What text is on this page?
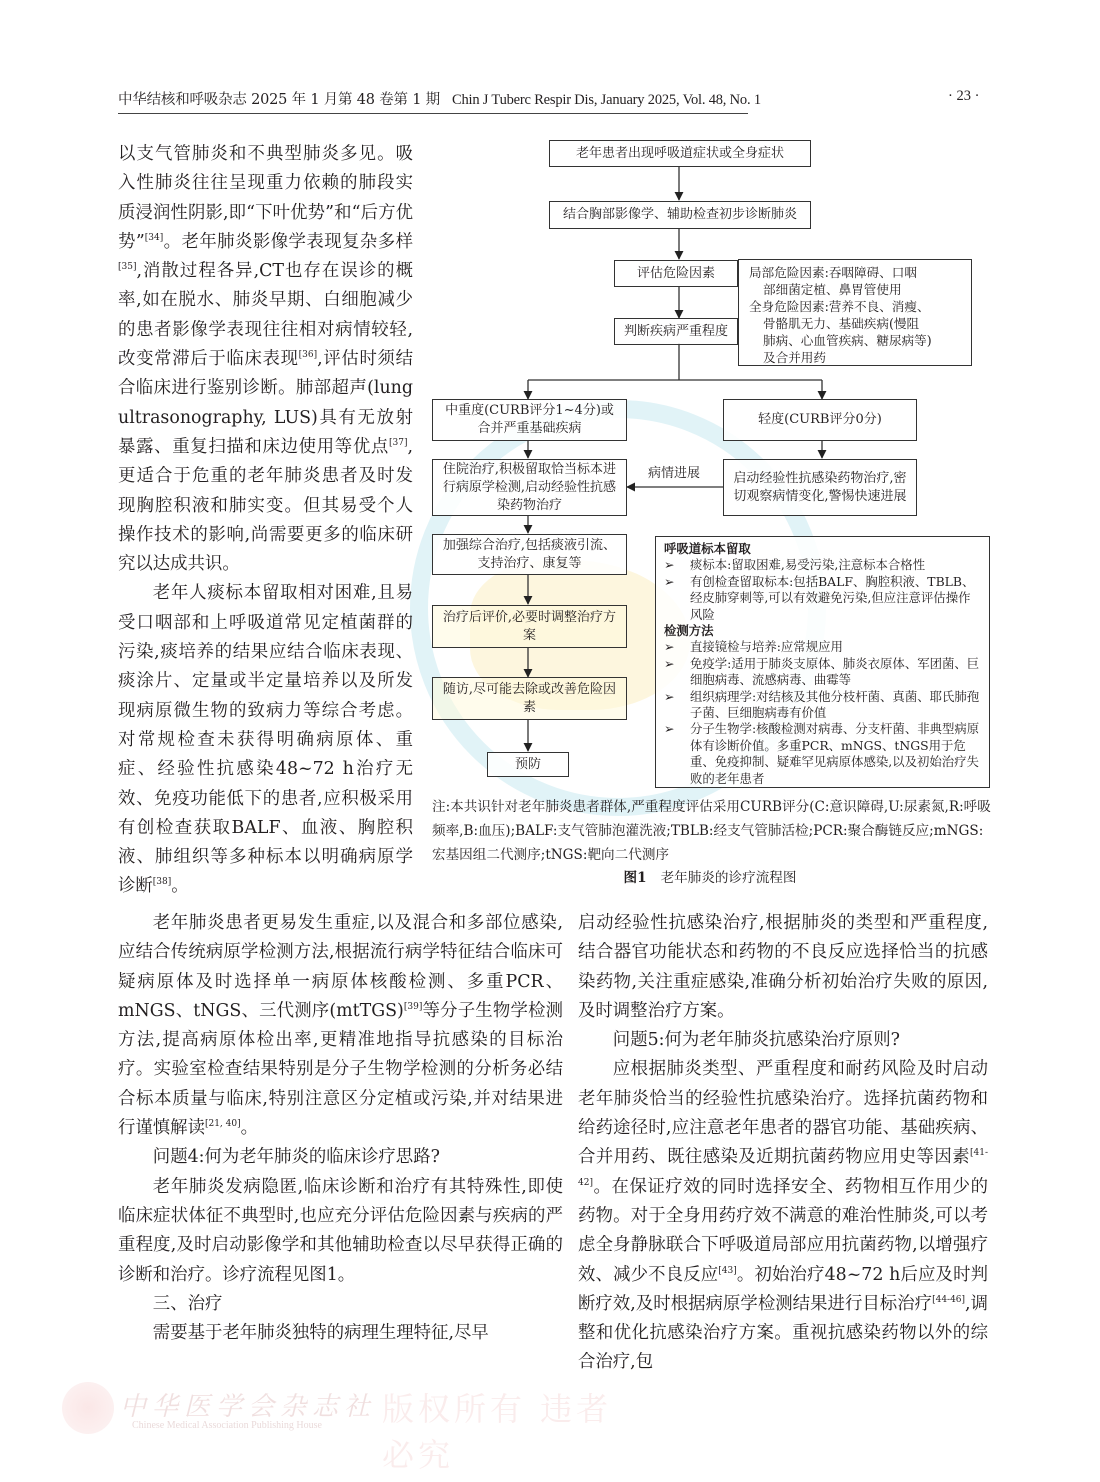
中华结核和呼吸杂志 2025 年 1 月第 48 卷第 1 期 Chin J Tuberc Respir Dis, January 2025, Vol. 48, No. 1	· 23 ·

以支气管肺炎和不典型肺炎多见。吸入性肺炎往往呈现重力依赖的肺段实质浸润性阴影,即“下叶优势”和“后方优势”[34]。老年肺炎影像学表现复杂多样[35],消散过程各异,CT也存在误诊的概率,如在脱水、肺炎早期、白细胞减少的患者影像学表现往往相对病情较轻,改变常滞后于临床表现[36],评估时须结合临床进行鉴别诊断。肺部超声(lung ultrasonography, LUS)具有无放射暴露、重复扫描和床边使用等优点[37],更适合于危重的老年肺炎患者及时发现胸腔积液和肺实变。但其易受个人操作技术的影响,尚需要更多的临床研究以达成共识。

老年人痰标本留取相对困难,且易受口咽部和上呼吸道常见定植菌群的污染,痰培养的结果应结合临床表现、痰涂片、定量或半定量培养以及所发现病原微生物的致病力等综合考虑。对常规检查未获得明确病原体、重症、经验性抗感染48~72 h治疗无效、免疫功能低下的患者,应积极采用有创检查获取BALF、血液、胸腔积液、肺组织等多种标本以明确病原学诊断[38]。

老年患者出现呼吸道症状或全身症状
结合胸部影像学、辅助检查初步诊断肺炎
评估危险因素
判断疾病严重程度
局部危险因素:吞咽障碍、口咽
部细菌定植、鼻胃管使用
全身危险因素:营养不良、消瘦、
骨骼肌无力、基础疾病(慢阻
肺病、心血管疾病、糖尿病等)
及合并用药
中重度(CURB评分1~4分)或合并严重基础疾病
轻度(CURB评分0分)
住院治疗,积极留取恰当标本进行病原学检测,启动经验性抗感染药物治疗
病情进展	启动经验性抗感染药物治疗,密切观察病情变化,警惕快速进展
加强综合治疗,包括痰液引流、支持治疗、康复等
治疗后评价,必要时调整治疗方案
随访,尽可能去除或改善危险因素
预防
呼吸道标本留取
➢	痰标本:留取困难,易受污染,注意标本合格性
➢	有创检查留取标本:包括BALF、胸腔积液、TBLB、经皮肺穿刺等,可以有效避免污染,但应注意评估操作风险
检测方法
➢	直接镜检与培养:应常规应用
➢	免疫学:适用于肺炎支原体、肺炎衣原体、军团菌、巨细胞病毒、流感病毒、曲霉等
➢	组织病理学:对结核及其他分枝杆菌、真菌、耶氏肺孢子菌、巨细胞病毒有价值
➢	分子生物学:核酸检测对病毒、分支杆菌、非典型病原体有诊断价值。多重PCR、mNGS、tNGS用于危重、免疫抑制、疑难罕见病原体感染,以及初始治疗失败的老年患者
注:本共识针对老年肺炎患者群体,严重程度评估采用CURB评分(C:意识障碍,U:尿素氮,R:呼吸频率,B:血压);BALF:支气管肺泡灌洗液;TBLB:经支气管肺活检;PCR:聚合酶链反应;mNGS:宏基因组二代测序;tNGS:靶向二代测序
图1 老年肺炎的诊疗流程图

老年肺炎患者更易发生重症,以及混合和多部位感染,应结合传统病原学检测方法,根据流行病学特征结合临床可疑病原体及时选择单一病原体核酸检测、多重PCR、mNGS、tNGS、三代测序(mtTGS)[39]等分子生物学检测方法,提高病原体检出率,更精准地指导抗感染的目标治疗。实验室检查结果特别是分子生物学检测的分析务必结合标本质量与临床,特别注意区分定植或污染,并对结果进行谨慎解读[21, 40]。

问题4:何为老年肺炎的临床诊疗思路?

老年肺炎发病隐匿,临床诊断和治疗有其特殊性,即使临床症状体征不典型时,也应充分评估危险因素与疾病的严重程度,及时启动影像学和其他辅助检查以尽早获得正确的诊断和治疗。诊疗流程见图1。

三、治疗

需要基于老年肺炎独特的病理生理特征,尽早

启动经验性抗感染治疗,根据肺炎的类型和严重程度,结合器官功能状态和药物的不良反应选择恰当的抗感染药物,关注重症感染,准确分析初始治疗失败的原因,及时调整治疗方案。

问题5:何为老年肺炎抗感染治疗原则?

应根据肺炎类型、严重程度和耐药风险及时启动老年肺炎恰当的经验性抗感染治疗。选择抗菌药物和给药途径时,应注意老年患者的器官功能、基础疾病、合并用药、既往感染及近期抗菌药物应用史等因素[41-42]。在保证疗效的同时选择安全、药物相互作用少的药物。对于全身用药疗效不满意的难治性肺炎,可以考虑全身静脉联合下呼吸道局部应用抗菌药物,以增强疗效、减少不良反应[43]。初始治疗48~72 h后应及时判断疗效,及时根据病原学检测结果进行目标治疗[44-46],调整和优化抗感染治疗方案。重视抗感染药物以外的综合治疗,包

中华医学会杂志社
Chinese Medical Association Publishing House 版权所有 违者必究
